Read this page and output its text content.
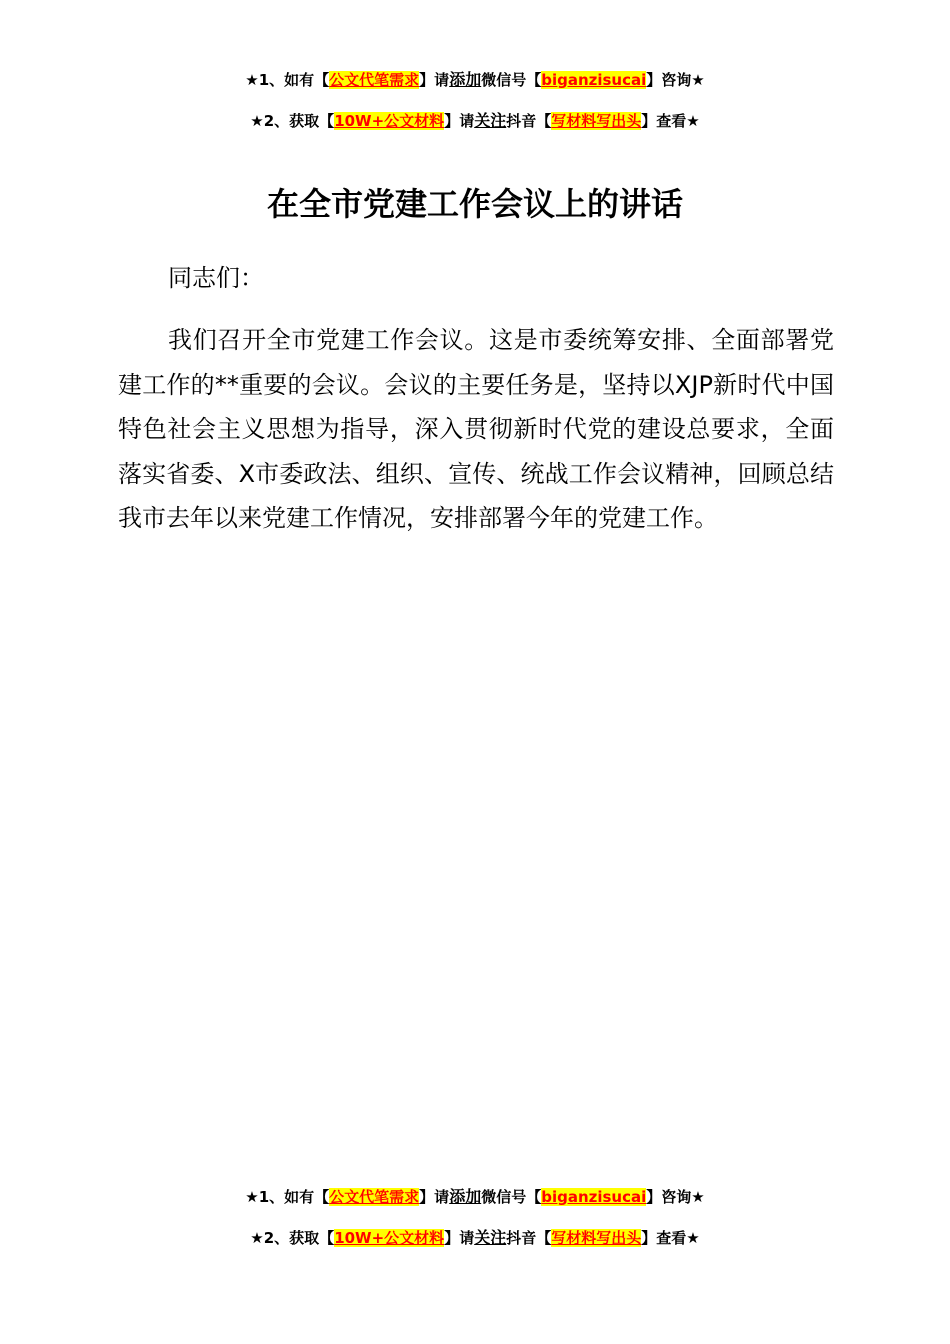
★1、如有【公文代笔需求】请添加微信号【biganzisucai】咨询★
★2、获取【10W+公文材料】请关注抖音【写材料写出头】查看★
在全市党建工作会议上的讲话
同志们：
我们召开全市党建工作会议。这是市委统筹安排、全面部署党建工作的**重要的会议。会议的主要任务是，坚持以XJP新时代中国特色社会主义思想为指导，深入贯彻新时代党的建设总要求，全面落实省委、X市委政法、组织、宣传、统战工作会议精神，回顾总结我市去年以来党建工作情况，安排部署今年的党建工作。
★1、如有【公文代笔需求】请添加微信号【biganzisucai】咨询★
★2、获取【10W+公文材料】请关注抖音【写材料写出头】查看★
